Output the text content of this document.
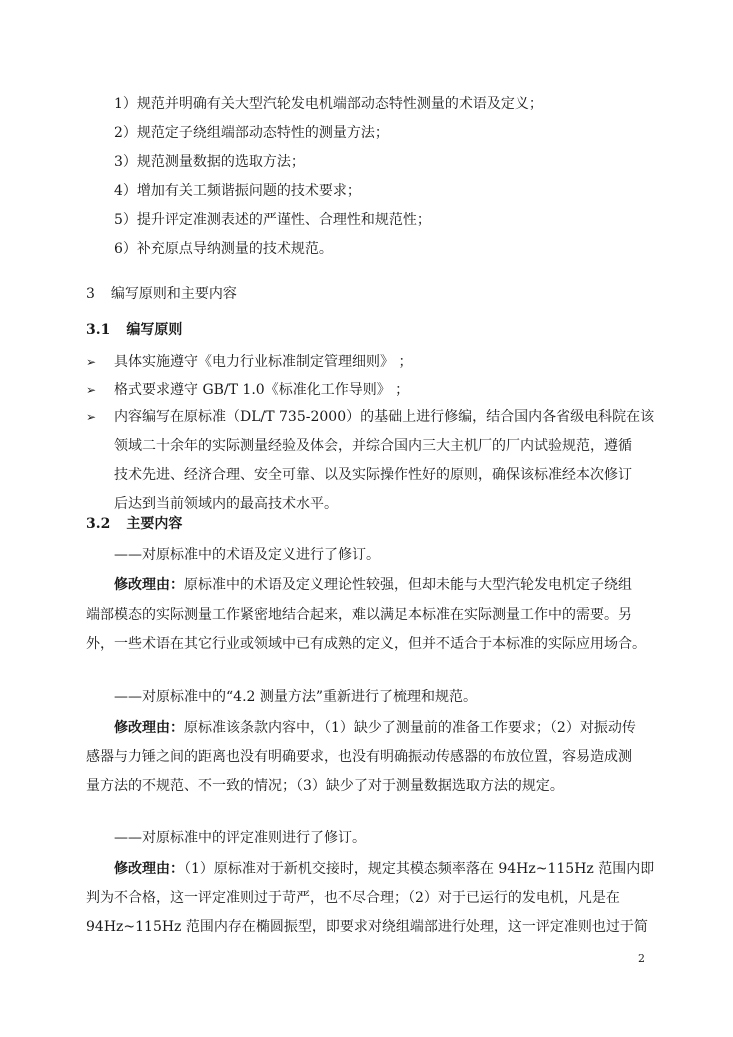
1）规范并明确有关大型汽轮发电机端部动态特性测量的术语及定义；
2）规范定子绕组端部动态特性的测量方法；
3）规范测量数据的选取方法；
4）增加有关工频谐振问题的技术要求；
5）提升评定准测表述的严谨性、合理性和规范性；
6）补充原点导纳测量的技术规范。
3 编写原则和主要内容
3.1 编写原则
➢ 具体实施遵守《电力行业标准制定管理细则》 ；
➢ 格式要求遵守 GB/T 1.0《标准化工作导则》 ；
➢ 内容编写在原标准（DL/T 735-2000）的基础上进行修编，结合国内各省级电科院在该
领域二十余年的实际测量经验及体会，并综合国内三大主机厂的厂内试验规范，遵循
技术先进、经济合理、安全可靠、以及实际操作性好的原则，确保该标准经本次修订
后达到当前领域内的最高技术水平。
3.2 主要内容
——对原标准中的术语及定义进行了修订。
修改理由：原标准中的术语及定义理论性较强，但却未能与大型汽轮发电机定子绕组
端部模态的实际测量工作紧密地结合起来，难以满足本标准在实际测量工作中的需要。另
外，一些术语在其它行业或领域中已有成熟的定义，但并不适合于本标准的实际应用场合。
——对原标准中的“4.2 测量方法”重新进行了梳理和规范。
修改理由：原标准该条款内容中，（1）缺少了测量前的准备工作要求；（2）对振动传
感器与力锤之间的距离也没有明确要求，也没有明确振动传感器的布放位置，容易造成测
量方法的不规范、不一致的情况；（3）缺少了对于测量数据选取方法的规定。
——对原标准中的评定准则进行了修订。
修改理由：（1）原标准对于新机交接时，规定其模态频率落在 94Hz~115Hz 范围内即
判为不合格，这一评定准则过于苛严，也不尽合理；（2）对于已运行的发电机，凡是在
94Hz~115Hz 范围内存在椭圆振型，即要求对绕组端部进行处理，这一评定准则也过于简
2
